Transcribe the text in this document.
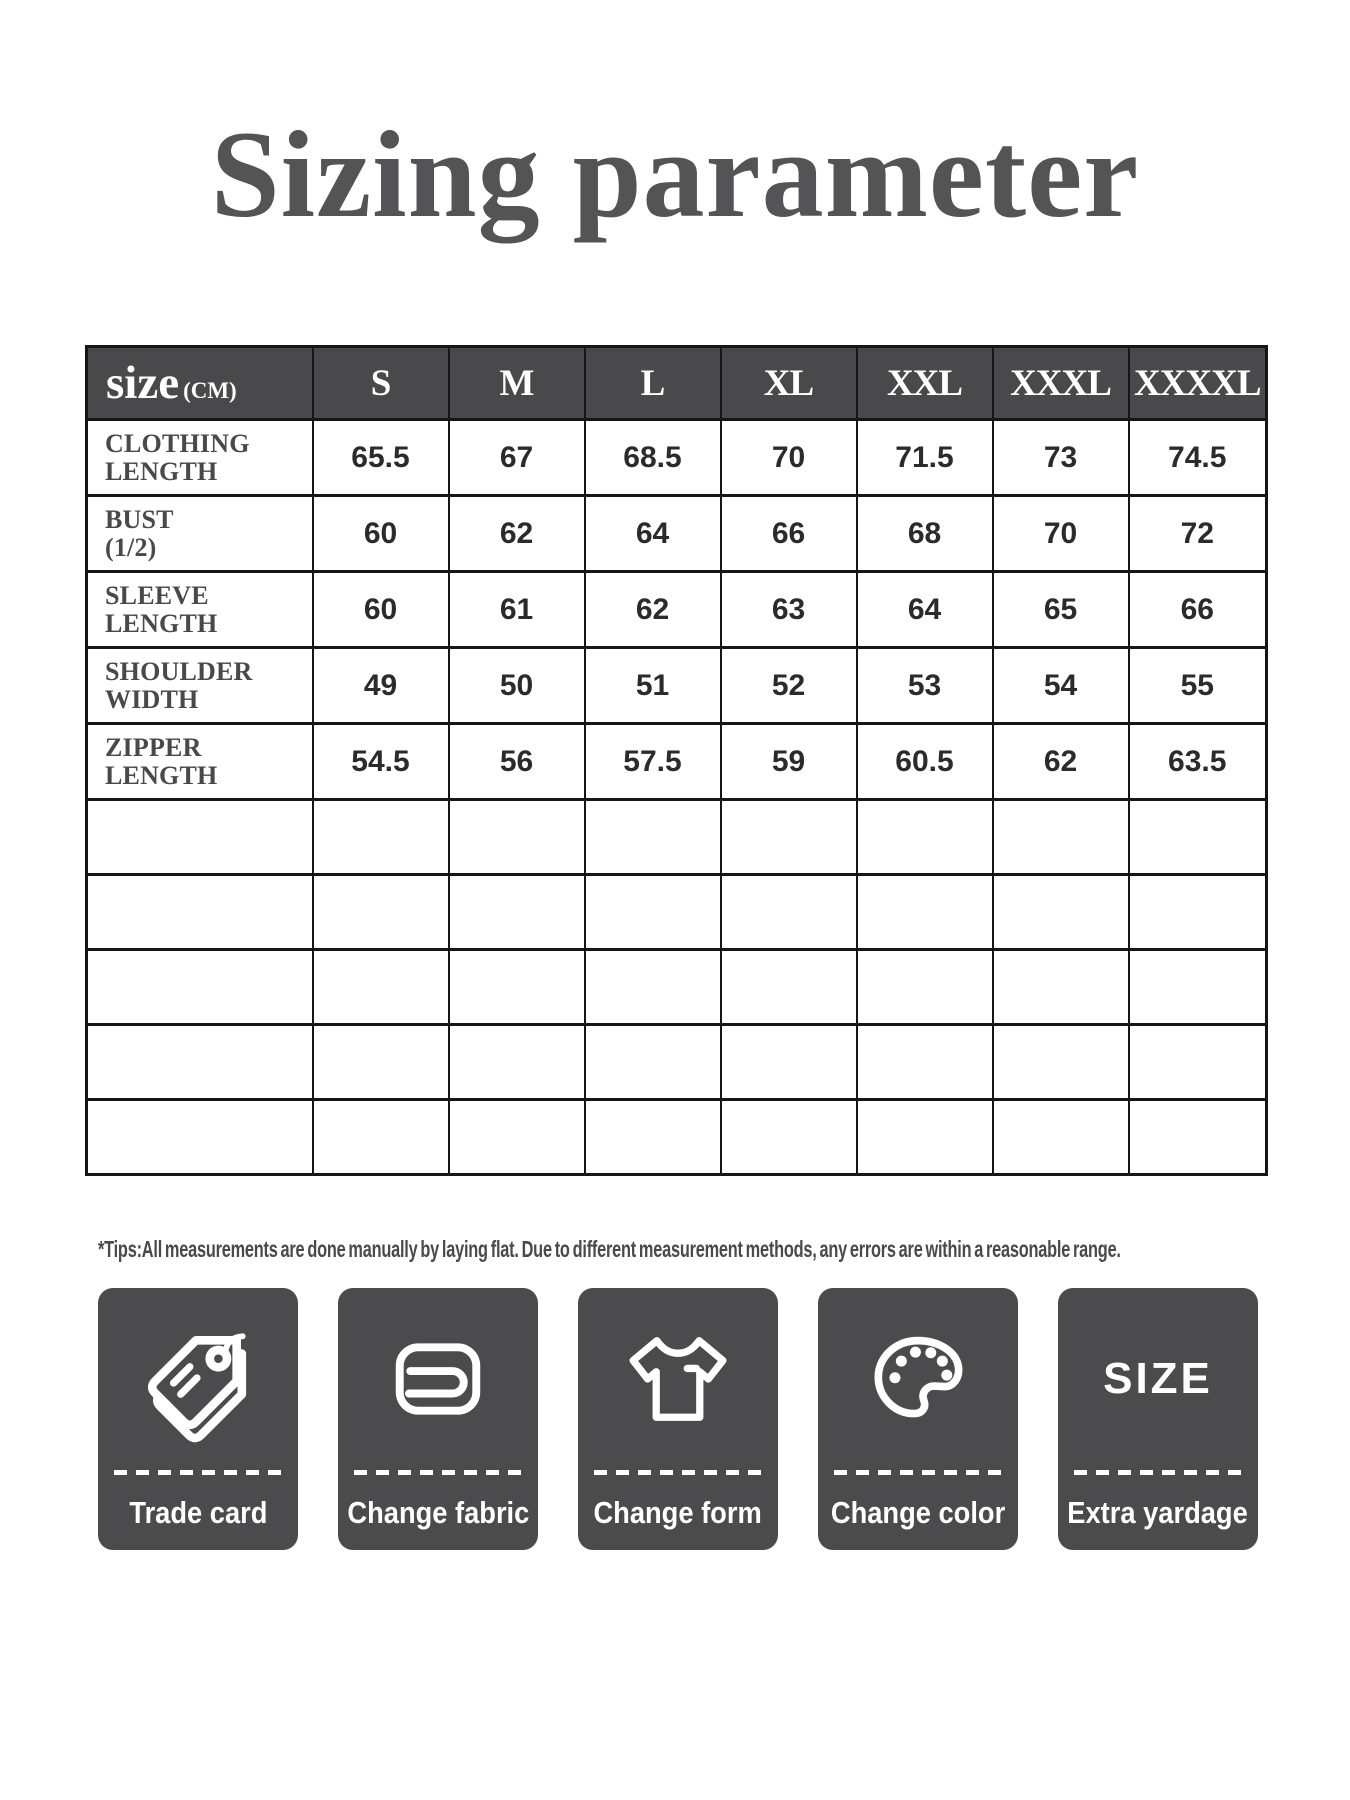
Sizing parameter
size (CM)	S	M	L	XL	XXL	XXXL	XXXXL

CLOTHING
LENGTH	65.5	67	68.5	70	71.5	73	74.5

BUST
(1/2)	60	62	64	66	68	70	72

SLEEVE
LENGTH	60	61	62	63	64	65	66

SHOULDER
WIDTH	49	50	51	52	53	54	55

ZIPPER
LENGTH	54.5	56	57.5	59	60.5	62	63.5

*Tips:All measurements are done manually by laying flat. Due to different measurement methods, any errors are within a reasonable range.

Trade card	Change fabric Change form Change color
SIZE
Extra yardage
